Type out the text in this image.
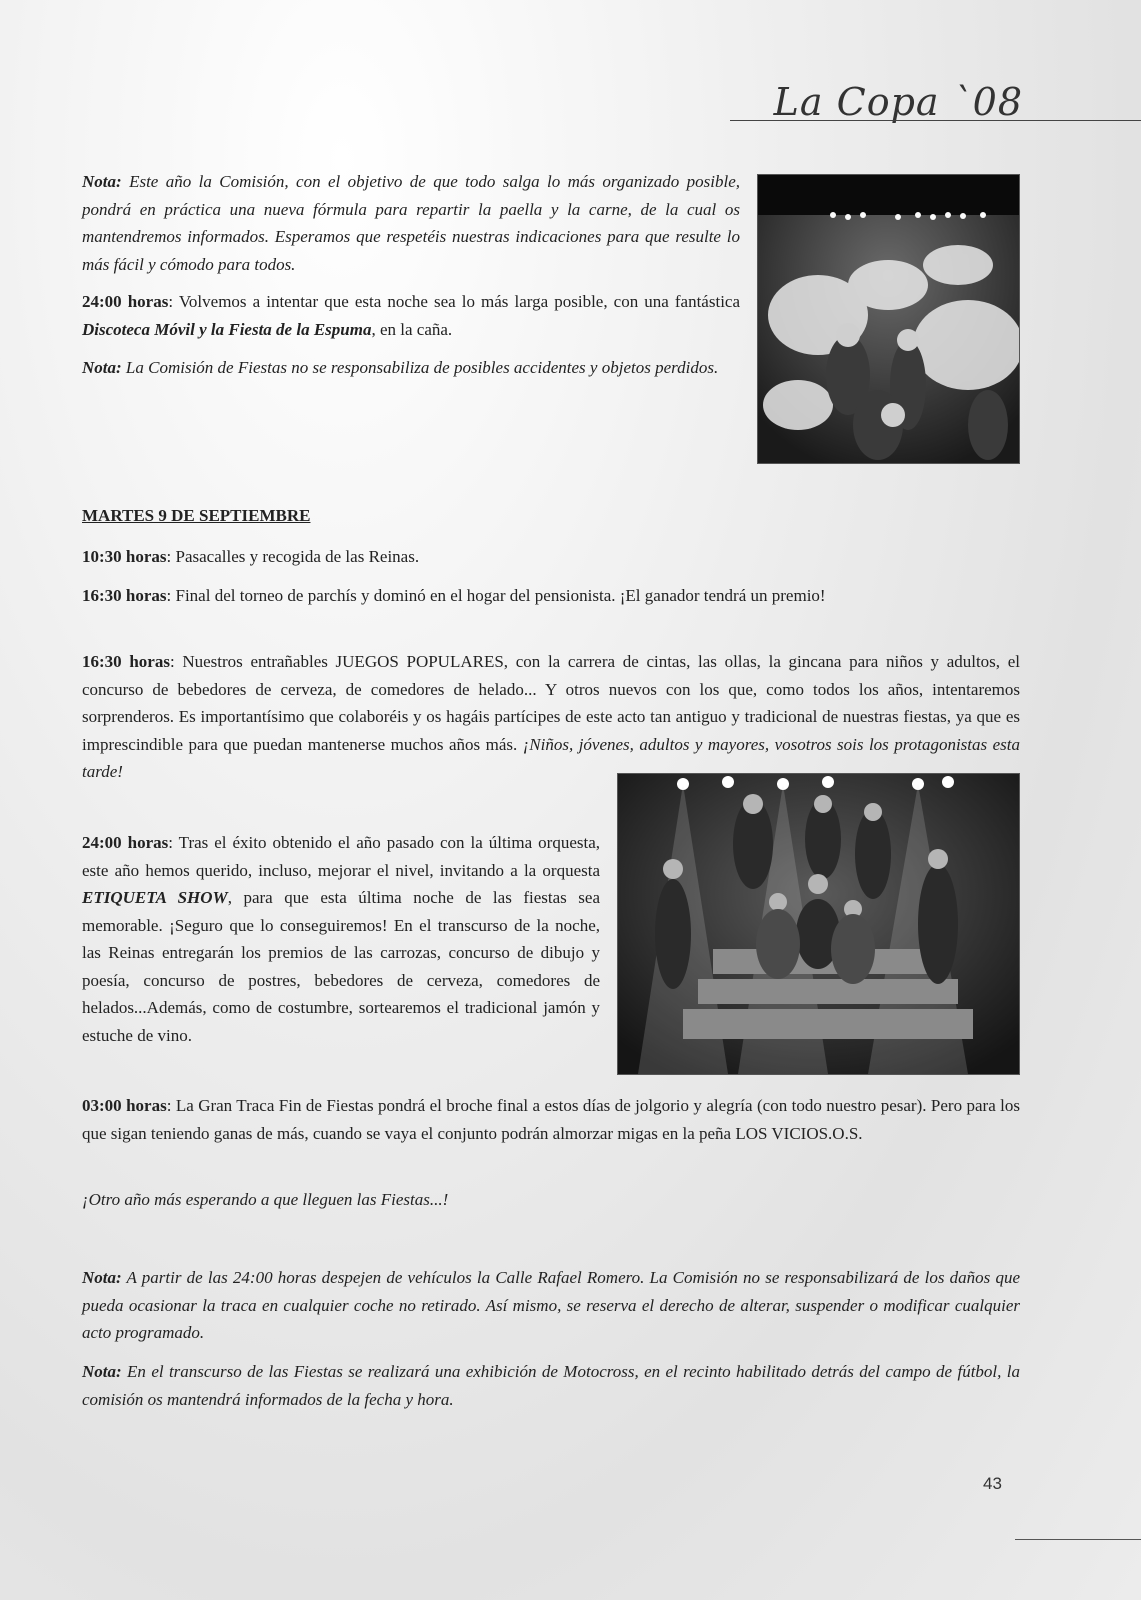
La Copa `08

Nota: Este año la Comisión, con el objetivo de que todo salga lo más organizado posible, pondrá en práctica una nueva fórmula para repartir la paella y la carne, de la cual os mantendremos informados. Esperamos que respetéis nuestras indicaciones para que resulte lo más fácil y cómodo para todos.

24:00 horas: Volvemos a intentar que esta noche sea lo más larga posible, con una fantástica Discoteca Móvil y la Fiesta de la Espuma, en la caña.

Nota: La Comisión de Fiestas no se responsabiliza de posibles accidentes y objetos perdidos.

MARTES 9 DE SEPTIEMBRE

10:30 horas: Pasacalles y recogida de las Reinas.

16:30 horas: Final del torneo de parchís y dominó en el hogar del pensionista. ¡El ganador tendrá un premio!

16:30 horas: Nuestros entrañables JUEGOS POPULARES, con la carrera de cintas, las ollas, la gincana para niños y adultos, el concurso de bebedores de cerveza, de comedores de helado... Y otros nuevos con los que, como todos los años, intentaremos sorprenderos. Es importantísimo que colaboréis y os hagáis partícipes de este acto tan antiguo y tradicional de nuestras fiestas, ya que es imprescindible para que puedan mantenerse muchos años más. ¡Niños, jóvenes, adultos y mayores, vosotros sois los protagonistas esta tarde!

24:00 horas: Tras el éxito obtenido el año pasado con la última orquesta, este año hemos querido, incluso, mejorar el nivel, invitando a la orquesta ETIQUETA SHOW, para que esta última noche de las fiestas sea memorable. ¡Seguro que lo conseguiremos! En el transcurso de la noche, las Reinas entregarán los premios de las carrozas, concurso de dibujo y poesía, concurso de postres, bebedores de cerveza, comedores de helados...Además, como de costumbre, sortearemos el tradicional jamón y estuche de vino.

03:00 horas: La Gran Traca Fin de Fiestas pondrá el broche final a estos días de jolgorio y alegría (con todo nuestro pesar). Pero para los que sigan teniendo ganas de más, cuando se vaya el conjunto podrán almorzar migas en la peña LOS VICIOS.O.S.

¡Otro año más esperando a que lleguen las Fiestas...!

Nota: A partir de las 24:00 horas despejen de vehículos la Calle Rafael Romero. La Comisión no se responsabilizará de los daños que pueda ocasionar la traca en cualquier coche no retirado. Así mismo, se reserva el derecho de alterar, suspender o modificar cualquier acto programado.

Nota: En el transcurso de las Fiestas se realizará una exhibición de Motocross, en el recinto habilitado detrás del campo de fútbol, la comisión os mantendrá informados de la fecha y hora.

43
